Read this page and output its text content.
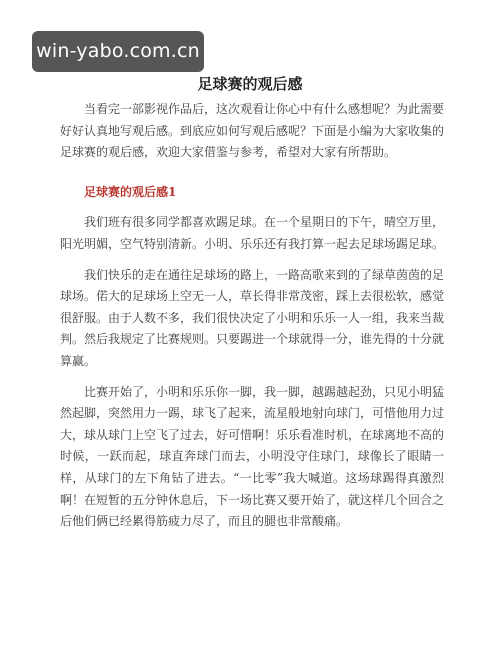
win-yabo.com.cn
足球赛的观后感

当看完一部影视作品后，这次观看让你心中有什么感想呢？为此需要好好认真地写观后感。到底应如何写观后感呢？下面是小编为大家收集的足球赛的观后感，欢迎大家借鉴与参考，希望对大家有所帮助。

足球赛的观后感1

我们班有很多同学都喜欢踢足球。在一个星期日的下午，晴空万里，阳光明媚，空气特别清新。小明、乐乐还有我打算一起去足球场踢足球。

我们快乐的走在通往足球场的路上，一路高歌来到的了绿草茵茵的足球场。偌大的足球场上空无一人，草长得非常茂密，踩上去很松软，感觉很舒服。由于人数不多，我们很快决定了小明和乐乐一人一组，我来当裁判。然后我规定了比赛规则。只要踢进一个球就得一分，谁先得的十分就算赢。

比赛开始了，小明和乐乐你一脚，我一脚，越踢越起劲，只见小明猛然起脚，突然用力一踢，球飞了起来，流星般地射向球门，可惜他用力过大，球从球门上空飞了过去，好可惜啊！乐乐看准时机，在球离地不高的时候，一跃而起，球直奔球门而去，小明没守住球门，球像长了眼睛一样，从球门的左下角钻了进去。“一比零”我大喊道。这场球踢得真激烈啊！在短暂的五分钟休息后，下一场比赛又要开始了，就这样几个回合之后他们俩已经累得筋疲力尽了，而且的腿也非常酸痛。
